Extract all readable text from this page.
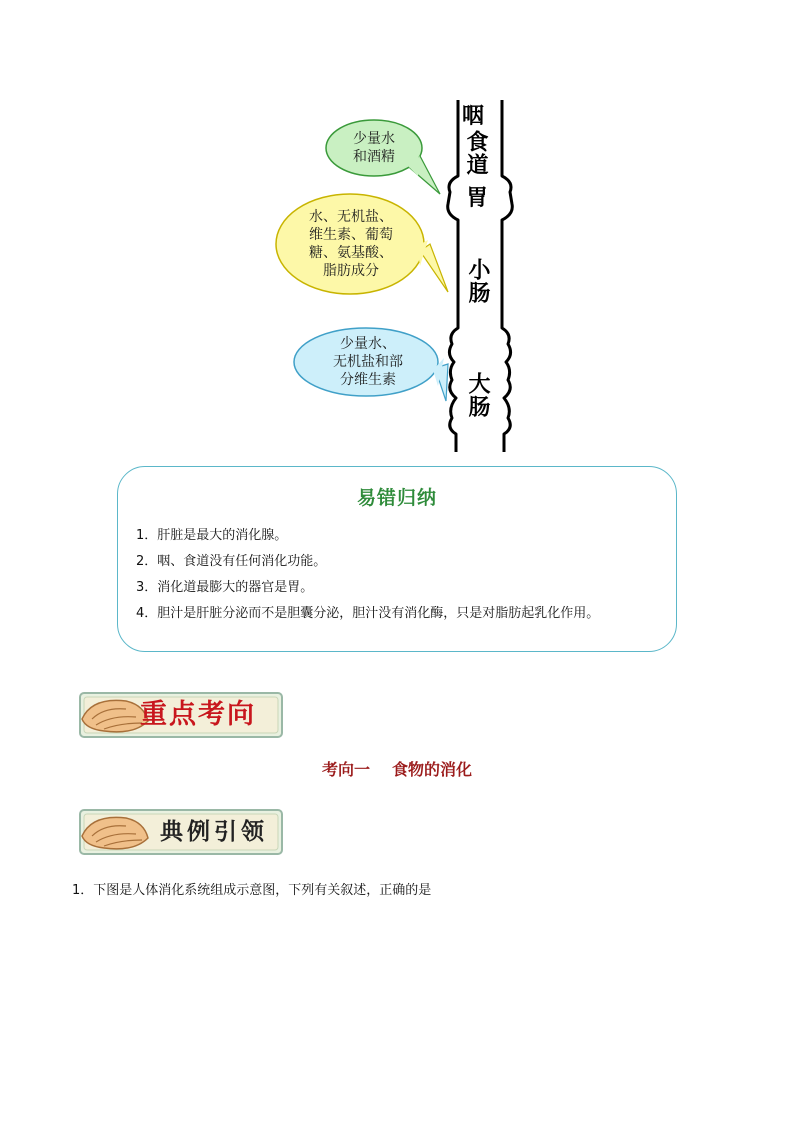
咽
食道
胃
小肠
大肠
少量水
和酒精
水、无机盐、
维生素、葡萄
糖、氨基酸、
脂肪成分
少量水、
无机盐和部
分维生素
易错归纳
1．肝脏是最大的消化腺。
2．咽、食道没有任何消化功能。
3．消化道最膨大的器官是胃。
4．胆汁是肝脏分泌而不是胆囊分泌，胆汁没有消化酶，只是对脂肪起乳化作用。
重点考向
考向一 食物的消化
典例引领
1．下图是人体消化系统组成示意图，下列有关叙述，正确的是
